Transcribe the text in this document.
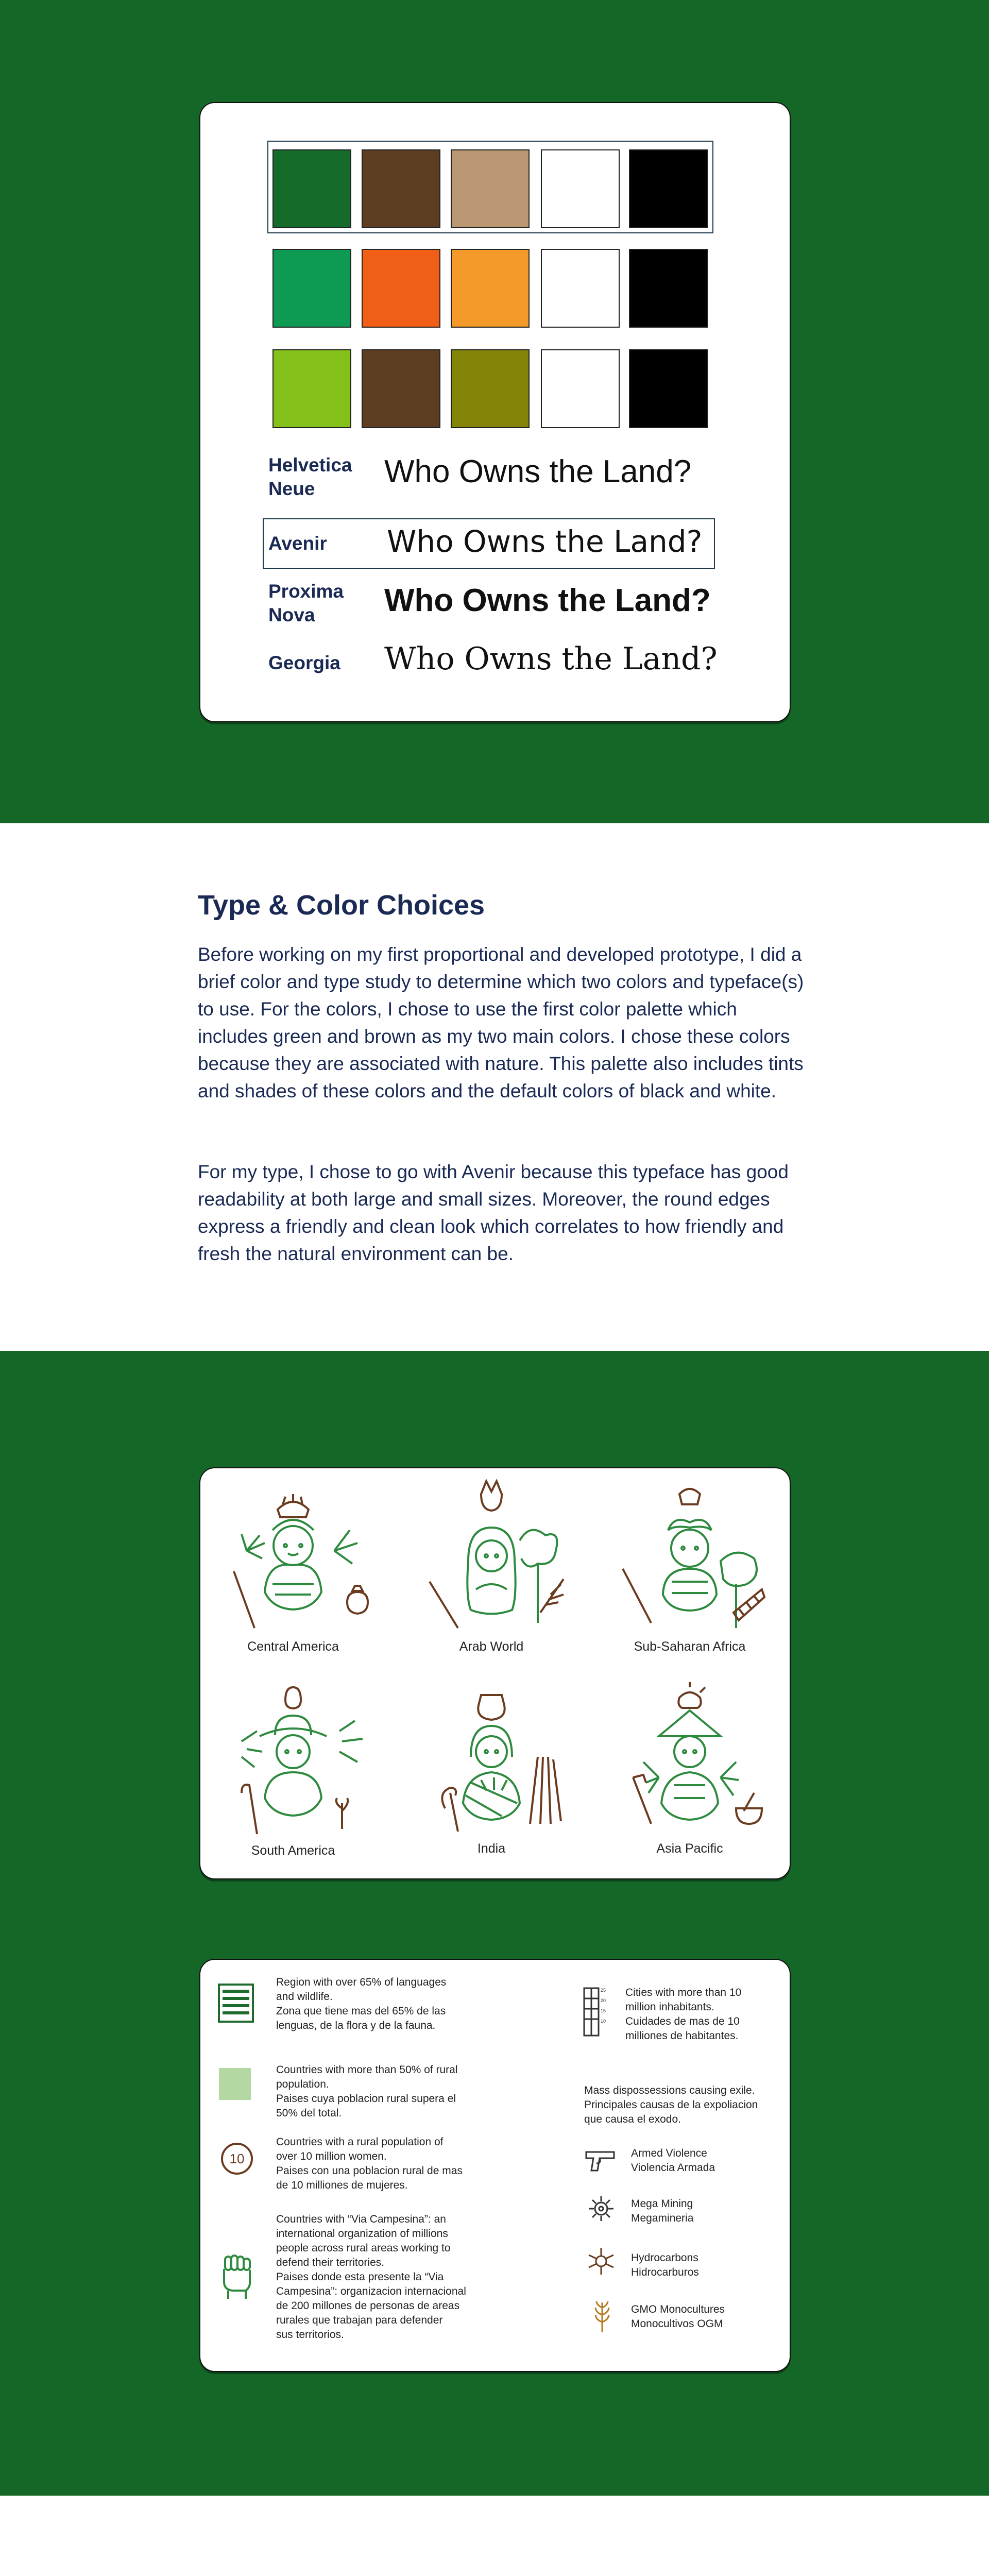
Helvetica Neue	Who Owns the Land?
Avenir	Who Owns the Land?
Proxima Nova	Who Owns the Land?
Georgia	Who Owns the Land?
Type & Color Choices

Before working on my first proportional and developed prototype, I did a brief color and type study to determine which two colors and typeface(s) to use. For the colors, I chose to use the first color palette which includes green and brown as my two main colors. I chose these colors because they are associated with nature. This palette also includes tints and shades of these colors and the default colors of black and white.

For my type, I chose to go with Avenir because this typeface has good readability at both large and small sizes. Moreover, the round edges express a friendly and clean look which correlates to how friendly and fresh the natural environment can be.

Central America	Arab World	Sub-Saharan Africa
South America	India	Asia Pacific
Region with over 65% of languages
and wildlife.
Zona que tiene mas del 65% de las
lenguas, de la flora y de la fauna.
Countries with more than 50% of rural
population.
Paises cuya poblacion rural supera el
50% del total.
10
Countries with a rural population of
over 10 million women.
Paises con una poblacion rural de mas
de 10 milliones de mujeres.
Countries with “Via Campesina”: an
international organization of millions
people across rural areas working to
defend their territories.
Paises donde esta presente la “Via
Campesina”: organizacion internacional
de 200 millones de personas de areas
rurales que trabajan para defender
sus territorios.
25
20
15
10
Cities with more than 10
million inhabitants.
Cuidades de mas de 10
milliones de habitantes.
Mass dispossessions causing exile.
Principales causas de la expoliacion
que causa el exodo.
Armed Violence
Violencia Armada
Mega Mining
Megamineria
Hydrocarbons
Hidrocarburos
GMO Monocultures
Monocultivos OGM
